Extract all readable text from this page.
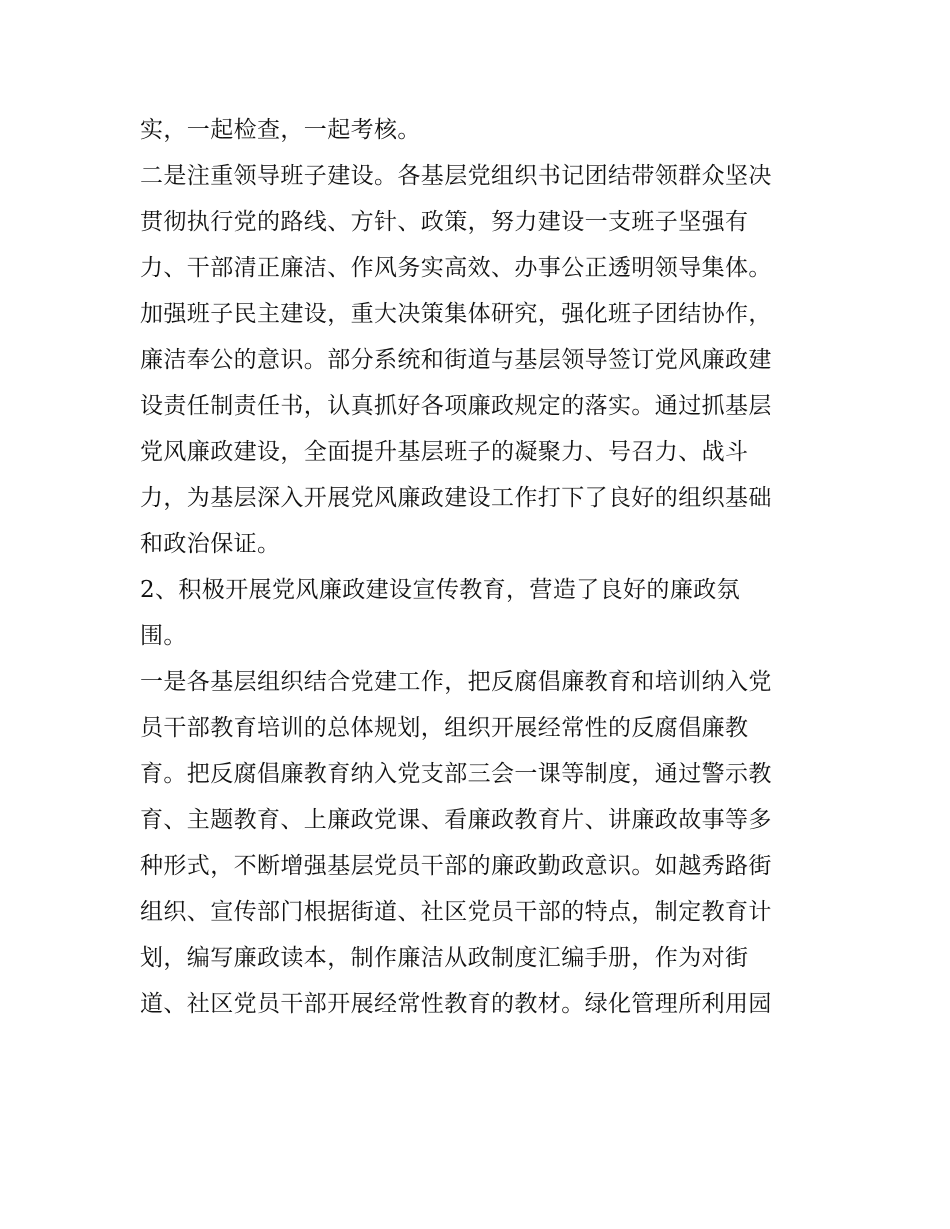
实，一起检查，一起考核。
二是注重领导班子建设。各基层党组织书记团结带领群众坚决
贯彻执行党的路线、方针、政策，努力建设一支班子坚强有
力、干部清正廉洁、作风务实高效、办事公正透明领导集体。
加强班子民主建设，重大决策集体研究，强化班子团结协作，
廉洁奉公的意识。部分系统和街道与基层领导签订党风廉政建
设责任制责任书，认真抓好各项廉政规定的落实。通过抓基层
党风廉政建设，全面提升基层班子的凝聚力、号召力、战斗
力，为基层深入开展党风廉政建设工作打下了良好的组织基础
和政治保证。
2、积极开展党风廉政建设宣传教育，营造了良好的廉政氛
围。
一是各基层组织结合党建工作，把反腐倡廉教育和培训纳入党
员干部教育培训的总体规划，组织开展经常性的反腐倡廉教
育。把反腐倡廉教育纳入党支部三会一课等制度，通过警示教
育、主题教育、上廉政党课、看廉政教育片、讲廉政故事等多
种形式，不断增强基层党员干部的廉政勤政意识。如越秀路街
组织、宣传部门根据街道、社区党员干部的特点，制定教育计
划，编写廉政读本，制作廉洁从政制度汇编手册，作为对街
道、社区党员干部开展经常性教育的教材。绿化管理所利用园
